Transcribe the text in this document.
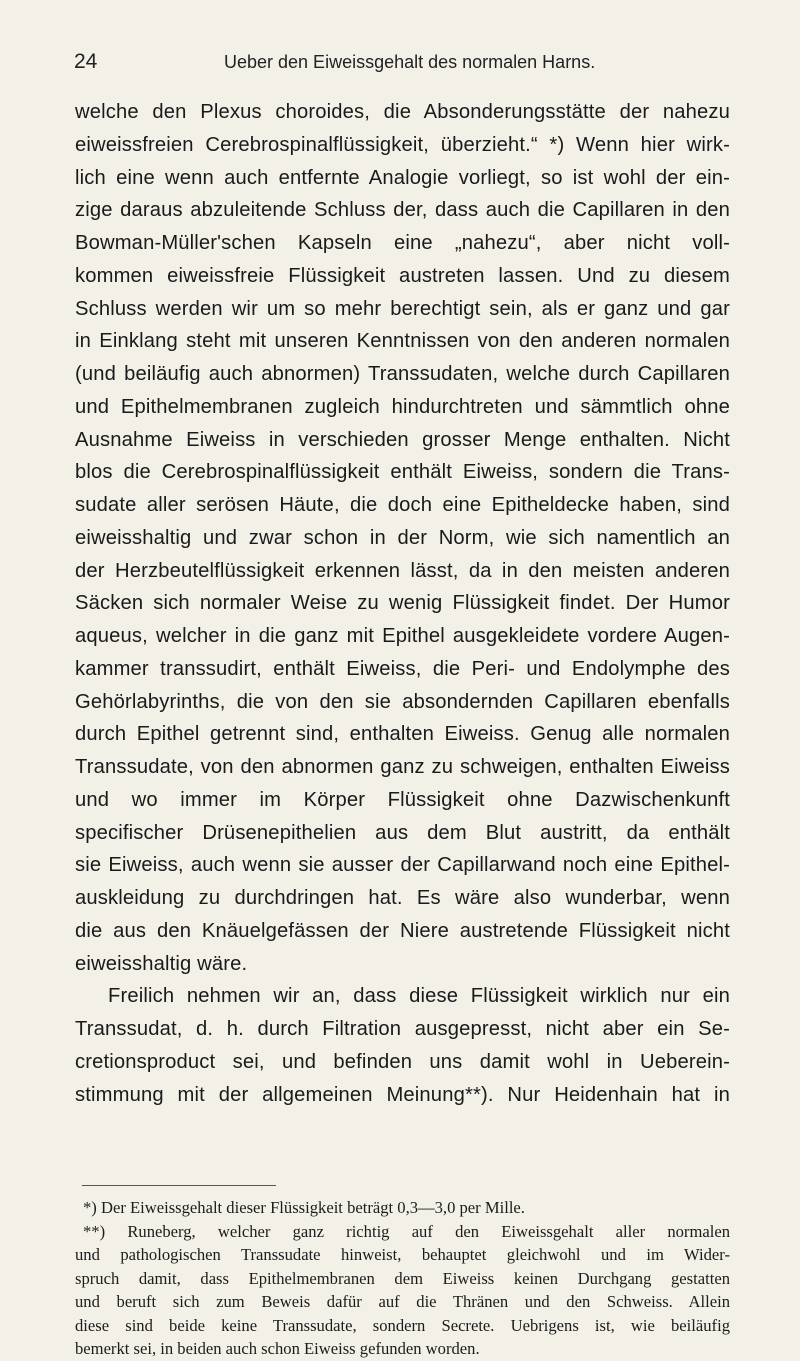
24	Ueber den Eiweissgehalt des normalen Harns.
welche den Plexus choroides, die Absonderungsstätte der nahezu
eiweissfreien Cerebrospinalflüssigkeit, überzieht.“ *) Wenn hier wirk-
lich eine wenn auch entfernte Analogie vorliegt, so ist wohl der ein-
zige daraus abzuleitende Schluss der, dass auch die Capillaren in den
Bowman-Müller'schen Kapseln eine „nahezu“, aber nicht voll-
kommen eiweissfreie Flüssigkeit austreten lassen. Und zu diesem
Schluss werden wir um so mehr berechtigt sein, als er ganz und gar
in Einklang steht mit unseren Kenntnissen von den anderen normalen
(und beiläufig auch abnormen) Transsudaten, welche durch Capillaren
und Epithelmembranen zugleich hindurchtreten und sämmtlich ohne
Ausnahme Eiweiss in verschieden grosser Menge enthalten. Nicht
blos die Cerebrospinalflüssigkeit enthält Eiweiss, sondern die Trans-
sudate aller serösen Häute, die doch eine Epitheldecke haben, sind
eiweisshaltig und zwar schon in der Norm, wie sich namentlich an
der Herzbeutelflüssigkeit erkennen lässt, da in den meisten anderen
Säcken sich normaler Weise zu wenig Flüssigkeit findet. Der Humor
aqueus, welcher in die ganz mit Epithel ausgekleidete vordere Augen-
kammer transsudirt, enthält Eiweiss, die Peri- und Endolymphe des
Gehörlabyrinths, die von den sie absondernden Capillaren ebenfalls
durch Epithel getrennt sind, enthalten Eiweiss. Genug alle normalen
Transsudate, von den abnormen ganz zu schweigen, enthalten Eiweiss
und wo immer im Körper Flüssigkeit ohne Dazwischenkunft
specifischer Drüsenepithelien aus dem Blut austritt, da enthält
sie Eiweiss, auch wenn sie ausser der Capillarwand noch eine Epithel-
auskleidung zu durchdringen hat. Es wäre also wunderbar, wenn
die aus den Knäuelgefässen der Niere austretende Flüssigkeit nicht
eiweisshaltig wäre.
Freilich nehmen wir an, dass diese Flüssigkeit wirklich nur ein
Transsudat, d. h. durch Filtration ausgepresst, nicht aber ein Se-
cretionsproduct sei, und befinden uns damit wohl in Ueberein-
stimmung mit der allgemeinen Meinung**). Nur Heidenhain hat in
*) Der Eiweissgehalt dieser Flüssigkeit beträgt 0,3—3,0 per Mille.
**) Runeberg, welcher ganz richtig auf den Eiweissgehalt aller normalen
und pathologischen Transsudate hinweist, behauptet gleichwohl und im Wider-
spruch damit, dass Epithelmembranen dem Eiweiss keinen Durchgang gestatten
und beruft sich zum Beweis dafür auf die Thränen und den Schweiss. Allein
diese sind beide keine Transsudate, sondern Secrete. Uebrigens ist, wie beiläufig
bemerkt sei, in beiden auch schon Eiweiss gefunden worden.
